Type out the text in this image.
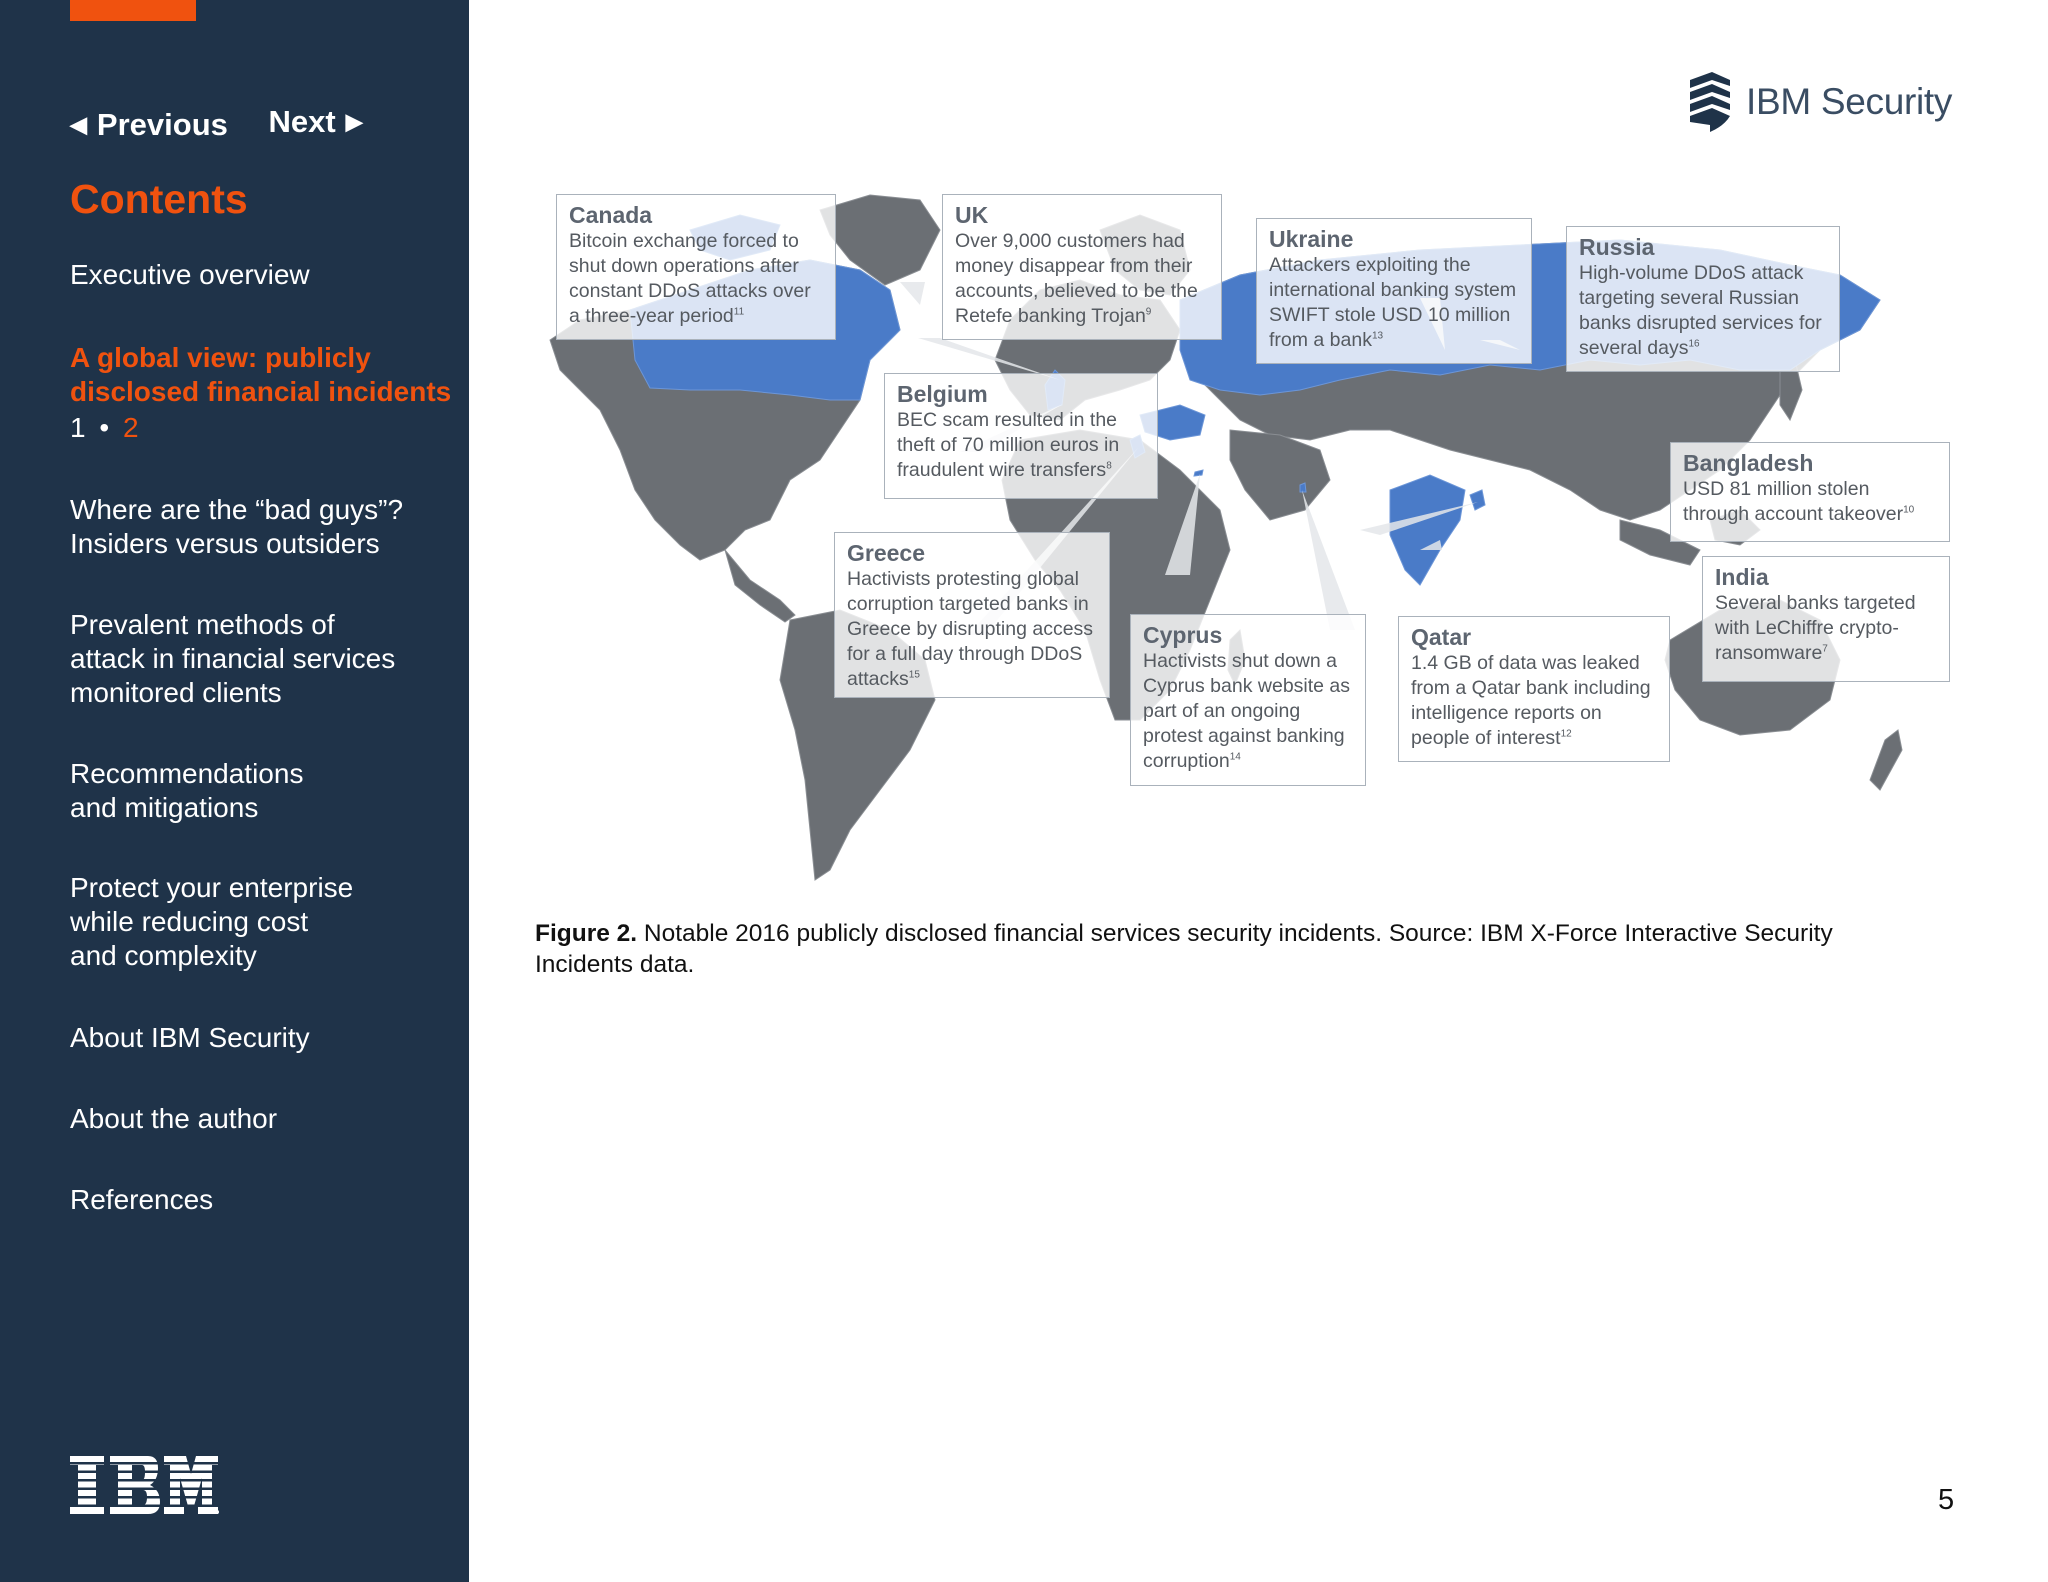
◀ Previous
Next ▶
Contents
Executive overview
A global view: publicly
disclosed financial incidents
1 • 2
Where are the “bad guys”?
Insiders versus outsiders
Prevalent methods of
attack in financial services
monitored clients
Recommendations
and mitigations
Protect your enterprise
while reducing cost
and complexity
About IBM Security
About the author
References
IBM Security
Canada
Bitcoin exchange forced to shut down operations after constant DDoS attacks over a three-year period$^{11}$
UK
Over 9,000 customers had money disappear from their accounts, believed to be the Retefe banking Trojan$^9$
Ukraine
Attackers exploiting the international banking system SWIFT stole USD 10 million from a bank$^{13}$
Russia
High-volume DDoS attack targeting several Russian banks disrupted services for several days$^{16}$
Belgium
BEC scam resulted in the theft of 70 million euros in fraudulent wire transfers$^8$	Bangladesh
USD 81 million stolen through account takeover$^{10}$
Greece
Hactivists protesting global corruption targeted banks in Greece by disrupting access for a full day through DDoS attacks$^{15}$
India
Several banks targeted with LeChiffre crypto-ransomware$^7$
Cyprus
Hactivists shut down a Cyprus bank website as part of an ongoing protest against banking corruption$^{14}$
Qatar
1.4 GB of data was leaked from a Qatar bank including intelligence reports on people of interest$^{12}$
Figure 2. Notable 2016 publicly disclosed financial services security incidents. Source: IBM X-Force Interactive Security Incidents data.
5
